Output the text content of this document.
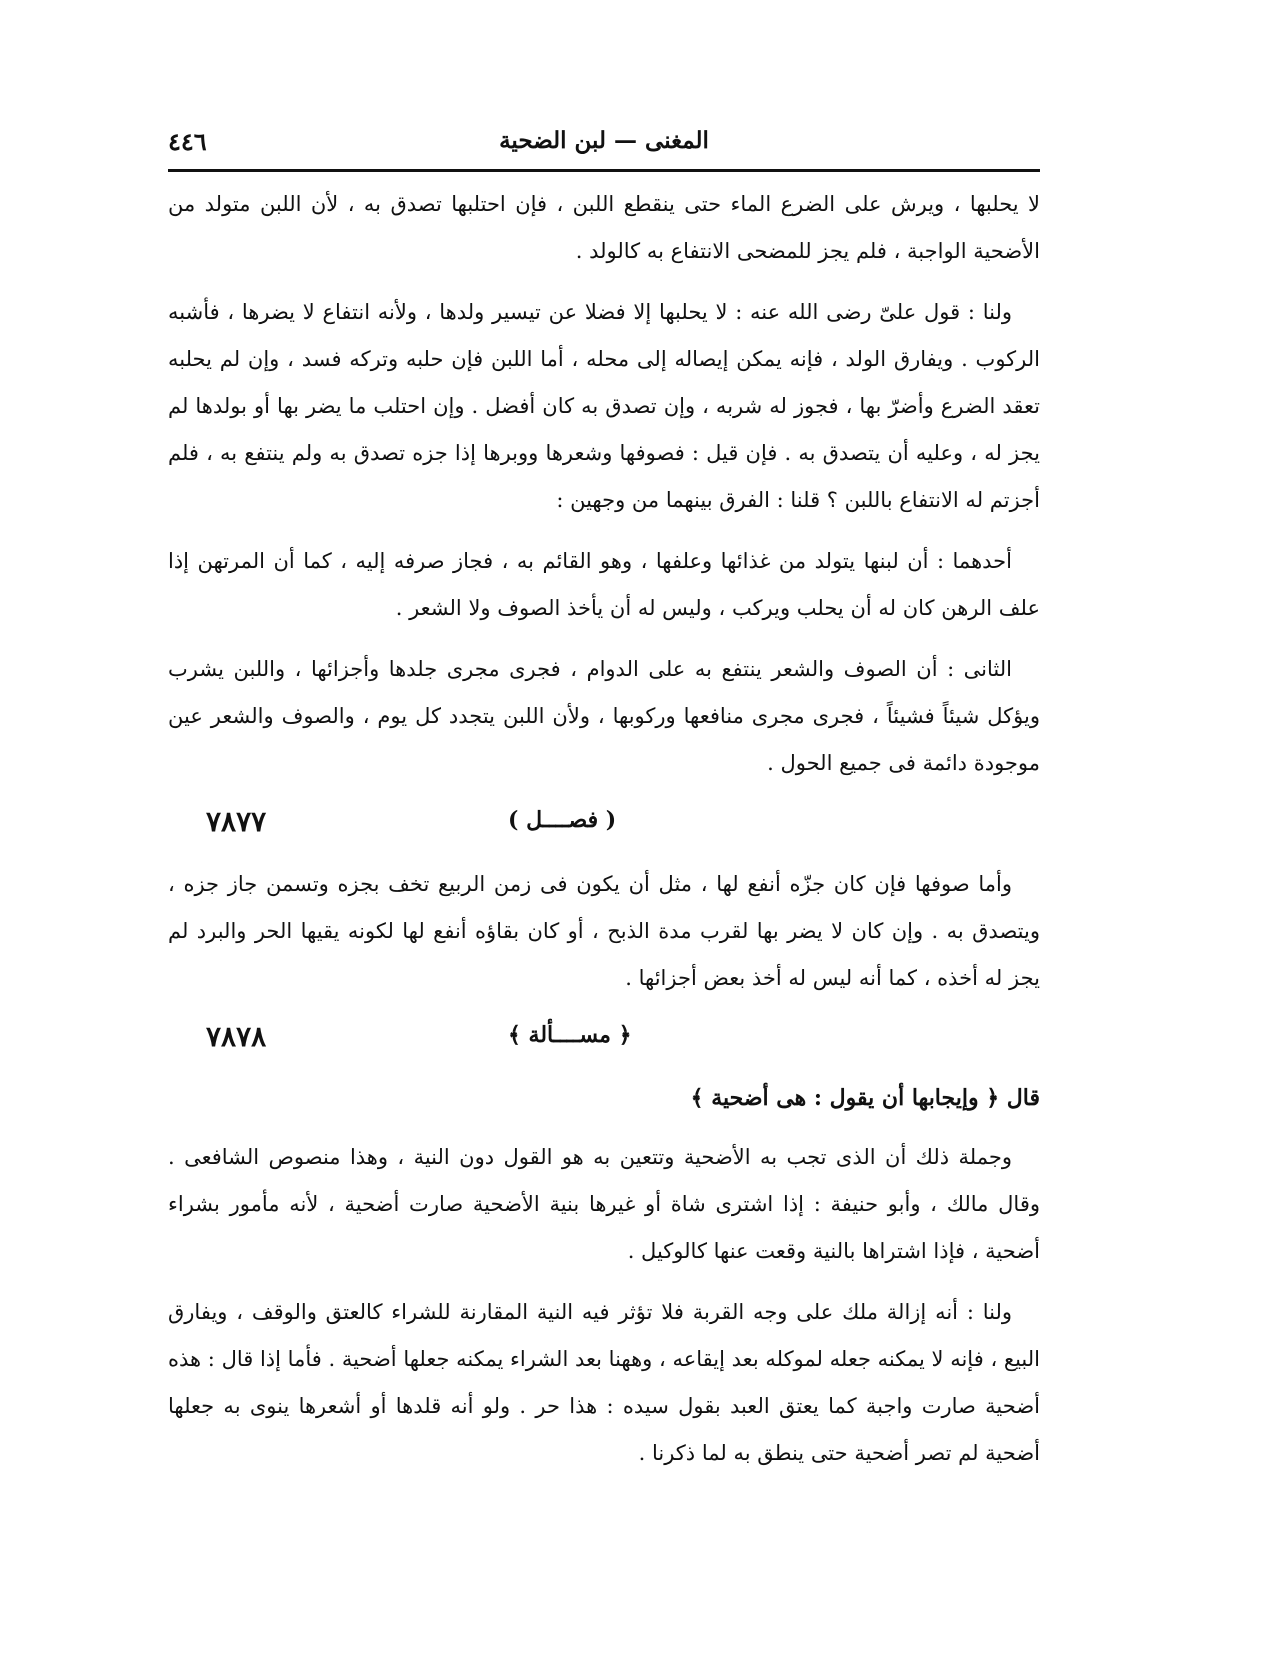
٤٤٦	المغنى — لبن الضحية

لا يحلبها ، ويرش على الضرع الماء حتى ينقطع اللبن ، فإن احتلبها تصدق به ، لأن اللبن متولد من الأضحية الواجبة ، فلم يجز للمضحى الانتفاع به كالولد .

ولنا : قول علىّ رضى الله عنه : لا يحلبها إلا فضلا عن تيسير ولدها ، ولأنه انتفاع لا يضرها ، فأشبه الركوب . ويفارق الولد ، فإنه يمكن إيصاله إلى محله ، أما اللبن فإن حلبه وتركه فسد ، وإن لم يحلبه تعقد الضرع وأضرّ بها ، فجوز له شربه ، وإن تصدق به كان أفضل . وإن احتلب ما يضر بها أو بولدها لم يجز له ، وعليه أن يتصدق به . فإن قيل : فصوفها وشعرها ووبرها إذا جزه تصدق به ولم ينتفع به ، فلم أجزتم له الانتفاع باللبن ؟ قلنا : الفرق بينهما من وجهين :

أحدهما : أن لبنها يتولد من غذائها وعلفها ، وهو القائم به ، فجاز صرفه إليه ، كما أن المرتهن إذا علف الرهن كان له أن يحلب ويركب ، وليس له أن يأخذ الصوف ولا الشعر .

الثانى : أن الصوف والشعر ينتفع به على الدوام ، فجرى مجرى جلدها وأجزائها ، واللبن يشرب ويؤكل شيئاً فشيئاً ، فجرى مجرى منافعها وركوبها ، ولأن اللبن يتجدد كل يوم ، والصوف والشعر عين موجودة دائمة فى جميع الحول .

( فصــــل )
٧٨٧٧

وأما صوفها فإن كان جزّه أنفع لها ، مثل أن يكون فى زمن الربيع تخف بجزه وتسمن جاز جزه ، ويتصدق به . وإن كان لا يضر بها لقرب مدة الذبح ، أو كان بقاؤه أنفع لها لكونه يقيها الحر والبرد لم يجز له أخذه ، كما أنه ليس له أخذ بعض أجزائها .

﴿ مســــألة ﴾
٧٨٧٨

قال ﴿ وإيجابها أن يقول : هى أضحية ﴾

وجملة ذلك أن الذى تجب به الأضحية وتتعين به هو القول دون النية ، وهذا منصوص الشافعى . وقال مالك ، وأبو حنيفة : إذا اشترى شاة أو غيرها بنية الأضحية صارت أضحية ، لأنه مأمور بشراء أضحية ، فإذا اشتراها بالنية وقعت عنها كالوكيل .

ولنا : أنه إزالة ملك على وجه القربة فلا تؤثر فيه النية المقارنة للشراء كالعتق والوقف ، ويفارق البيع ، فإنه لا يمكنه جعله لموكله بعد إيقاعه ، وههنا بعد الشراء يمكنه جعلها أضحية . فأما إذا قال : هذه أضحية صارت واجبة كما يعتق العبد بقول سيده : هذا حر . ولو أنه قلدها أو أشعرها ينوى به جعلها أضحية لم تصر أضحية حتى ينطق به لما ذكرنا .
